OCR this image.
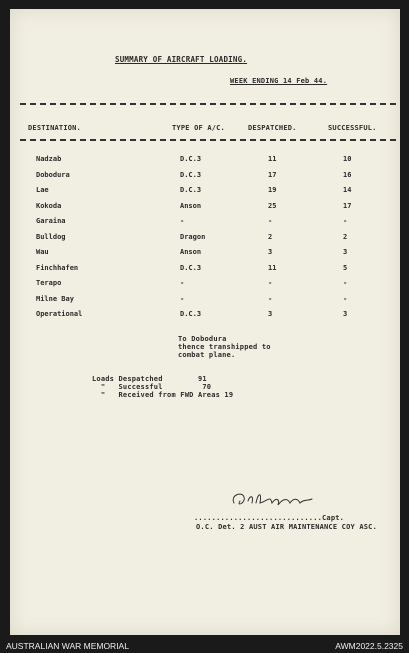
SUMMARY OF AIRCRAFT LOADING.
WEEK ENDING 14 Feb 44.
DESTINATION.	TYPE OF A/C.	DESPATCHED.	SUCCESSFUL.
Nadzab	D.C.3	11	10
Dobodura	D.C.3	17	16
Lae	D.C.3	19	14
Kokoda	Anson	25	17
Garaina	-	-	-
Bulldog	Dragon	2	2
Wau	Anson	3	3
Finchhafen	D.C.3	11	5
Terapo	-	-	-
Milne Bay	-	-	-
Operational	D.C.3	3	3
To Dobodura
thence transhipped to
combat plane.
Loads Despatched        91
"   Successful         70
"   Received from FWD Areas 19
.............................Capt.
O.C. Det. 2 AUST AIR MAINTENANCE COY ASC.
AUSTRALIAN WAR MEMORIAL	AWM2022.5.2325
